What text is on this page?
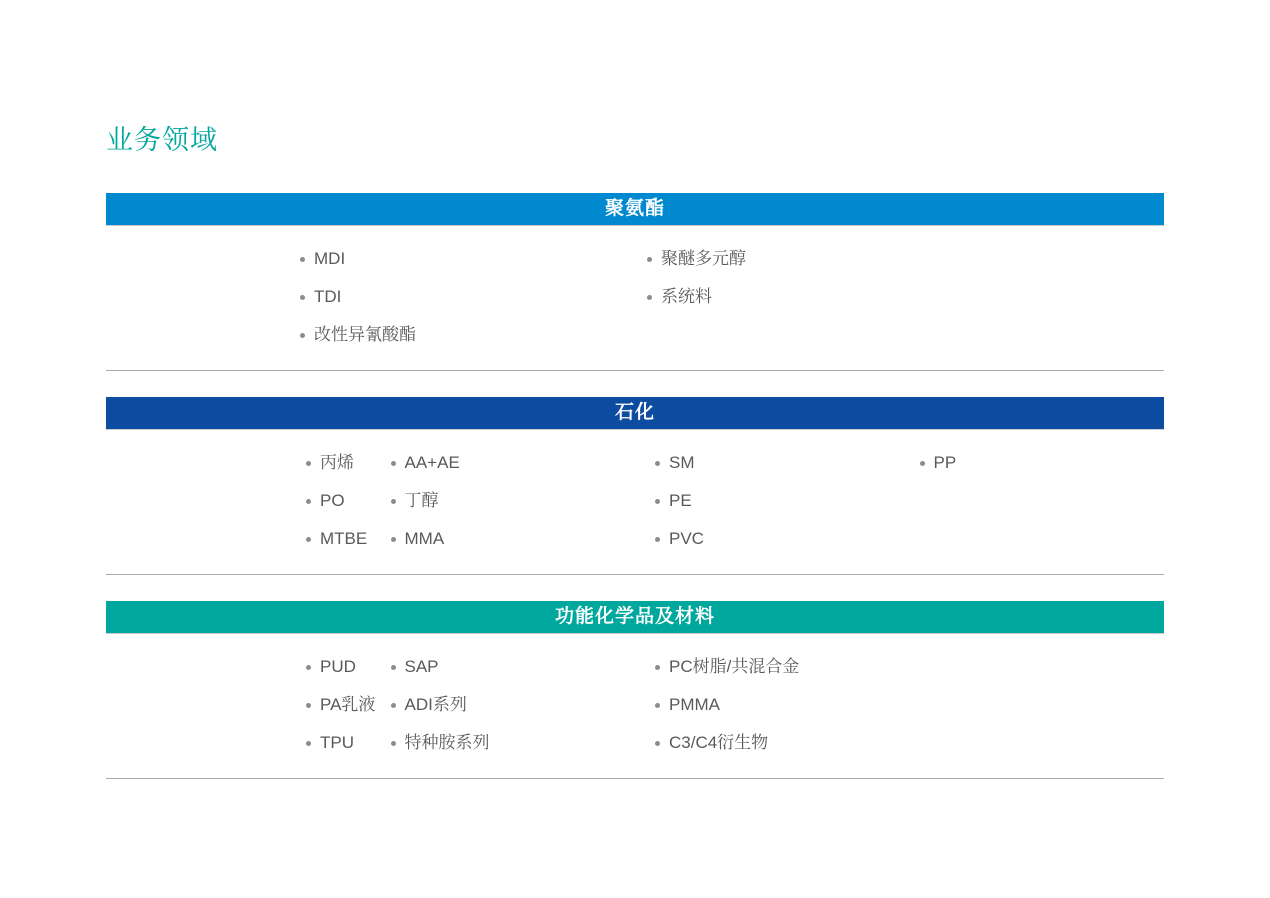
业务领域
聚氨酯
MDI
TDI
改性异氰酸酯
聚醚多元醇
系统料
石化
丙烯
PO
MTBE
AA+AE
丁醇
MMA
SM
PE
PVC
PP
功能化学品及材料
PUD
PA乳液
TPU
SAP
ADI系列
特种胺系列
PC树脂/共混合金
PMMA
C3/C4衍生物
